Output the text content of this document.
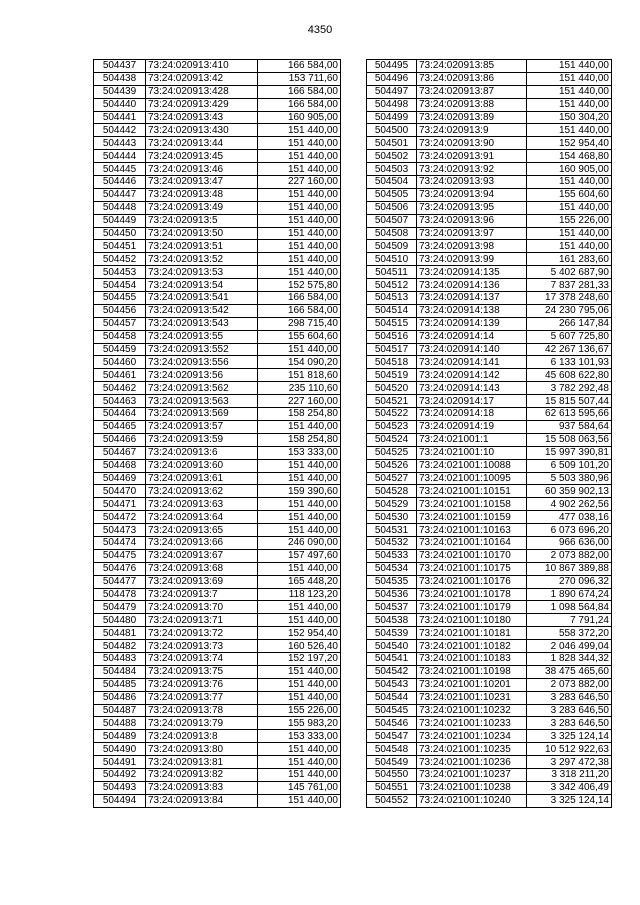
4350
504437	73:24:020913:410	166 584,00
504438	73:24:020913:42	153 711,60
504439	73:24:020913:428	166 584,00
504440	73:24:020913:429	166 584,00
504441	73:24:020913:43	160 905,00
504442	73:24:020913:430	151 440,00
504443	73:24:020913:44	151 440,00
504444	73:24:020913:45	151 440,00
504445	73:24:020913:46	151 440,00
504446	73:24:020913:47	227 160,00
504447	73:24:020913:48	151 440,00
504448	73:24:020913:49	151 440,00
504449	73:24:020913:5	151 440,00
504450	73:24:020913:50	151 440,00
504451	73:24:020913:51	151 440,00
504452	73:24:020913:52	151 440,00
504453	73:24:020913:53	151 440,00
504454	73:24:020913:54	152 575,80
504455	73:24:020913:541	166 584,00
504456	73:24:020913:542	166 584,00
504457	73:24:020913:543	298 715,40
504458	73:24:020913:55	155 604,60
504459	73:24:020913:552	151 440,00
504460	73:24:020913:556	154 090,20
504461	73:24:020913:56	151 818,60
504462	73:24:020913:562	235 110,60
504463	73:24:020913:563	227 160,00
504464	73:24:020913:569	158 254,80
504465	73:24:020913:57	151 440,00
504466	73:24:020913:59	158 254,80
504467	73:24:020913:6	153 333,00
504468	73:24:020913:60	151 440,00
504469	73:24:020913:61	151 440,00
504470	73:24:020913:62	159 390,60
504471	73:24:020913:63	151 440,00
504472	73:24:020913:64	151 440,00
504473	73:24:020913:65	151 440,00
504474	73:24:020913:66	246 090,00
504475	73:24:020913:67	157 497,60
504476	73:24:020913:68	151 440,00
504477	73:24:020913:69	165 448,20
504478	73:24:020913:7	118 123,20
504479	73:24:020913:70	151 440,00
504480	73:24:020913:71	151 440,00
504481	73:24:020913:72	152 954,40
504482	73:24:020913:73	160 526,40
504483	73:24:020913:74	152 197,20
504484	73:24:020913:75	151 440,00
504485	73:24:020913:76	151 440,00
504486	73:24:020913:77	151 440,00
504487	73:24:020913:78	155 226,00
504488	73:24:020913:79	155 983,20
504489	73:24:020913:8	153 333,00
504490	73:24:020913:80	151 440,00
504491	73:24:020913:81	151 440,00
504492	73:24:020913:82	151 440,00
504493	73:24:020913:83	145 761,00
504494	73:24:020913:84	151 440,00
504495	73:24:020913:85	151 440,00
504496	73:24:020913:86	151 440,00
504497	73:24:020913:87	151 440,00
504498	73:24:020913:88	151 440,00
504499	73:24:020913:89	150 304,20
504500	73:24:020913:9	151 440,00
504501	73:24:020913:90	152 954,40
504502	73:24:020913:91	154 468,80
504503	73:24:020913:92	160 905,00
504504	73:24:020913:93	151 440,00
504505	73:24:020913:94	155 604,60
504506	73:24:020913:95	151 440,00
504507	73:24:020913:96	155 226,00
504508	73:24:020913:97	151 440,00
504509	73:24:020913:98	151 440,00
504510	73:24:020913:99	161 283,60
504511	73:24:020914:135	5 402 687,90
504512	73:24:020914:136	7 837 281,33
504513	73:24:020914:137	17 378 248,60
504514	73:24:020914:138	24 230 795,06
504515	73:24:020914:139	266 147,84
504516	73:24:020914:14	5 607 725,80
504517	73:24:020914:140	42 267 136,67
504518	73:24:020914:141	6 133 101,93
504519	73:24:020914:142	45 608 622,80
504520	73:24:020914:143	3 782 292,48
504521	73:24:020914:17	15 815 507,44
504522	73:24:020914:18	62 613 595,66
504523	73:24:020914:19	937 584,64
504524	73:24:021001:1	15 508 063,56
504525	73:24:021001:10	15 997 390,81
504526	73:24:021001:10088	6 509 101,20
504527	73:24:021001:10095	5 503 380,96
504528	73:24:021001:10151	60 359 902,13
504529	73:24:021001:10158	4 902 262,56
504530	73:24:021001:10159	477 038,16
504531	73:24:021001:10163	6 073 696,20
504532	73:24:021001:10164	966 636,00
504533	73:24:021001:10170	2 073 882,00
504534	73:24:021001:10175	10 867 389,88
504535	73:24:021001:10176	270 096,32
504536	73:24:021001:10178	1 890 674,24
504537	73:24:021001:10179	1 098 564,84
504538	73:24:021001:10180	7 791,24
504539	73:24:021001:10181	558 372,20
504540	73:24:021001:10182	2 046 499,04
504541	73:24:021001:10183	1 828 344,32
504542	73:24:021001:10198	38 475 465,60
504543	73:24:021001:10201	2 073 882,00
504544	73:24:021001:10231	3 283 646,50
504545	73:24:021001:10232	3 283 646,50
504546	73:24:021001:10233	3 283 646,50
504547	73:24:021001:10234	3 325 124,14
504548	73:24:021001:10235	10 512 922,63
504549	73:24:021001:10236	3 297 472,38
504550	73:24:021001:10237	3 318 211,20
504551	73:24:021001:10238	3 342 406,49
504552	73:24:021001:10240	3 325 124,14
